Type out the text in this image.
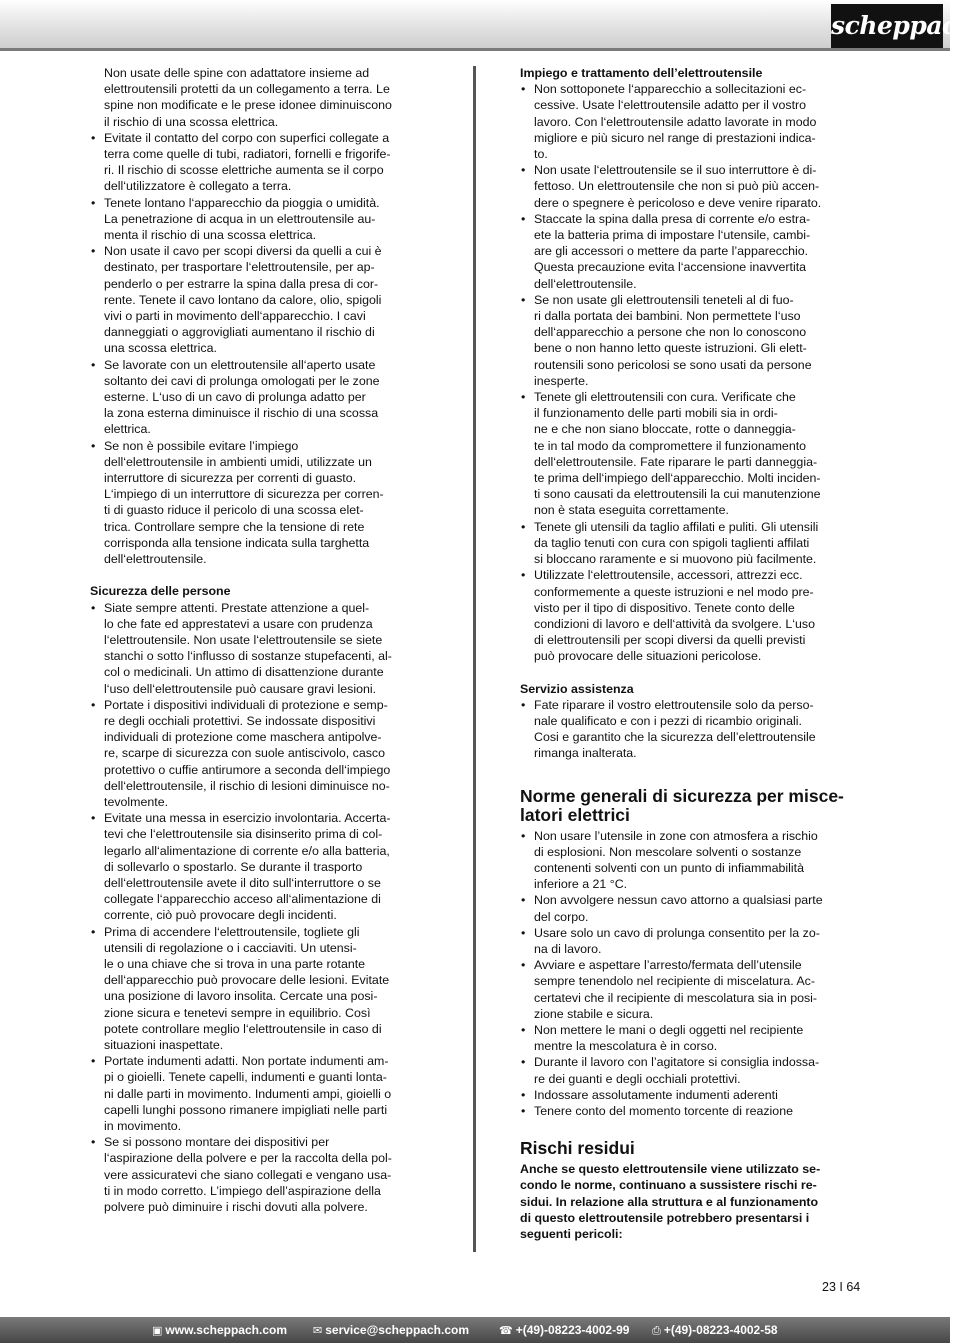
scheppach
Non usate delle spine con adattatore insieme ad
elettroutensili protetti da un collegamento a terra. Le
spine non modificate e le prese idonee diminuiscono
il rischio di una scossa elettrica.
• Evitate il contatto del corpo con superfici collegate a
terra come quelle di tubi, radiatori, fornelli e frigorife-
ri. Il rischio di scosse elettriche aumenta se il corpo
dell‘utilizzatore è collegato a terra.
• Tenete lontano l‘apparecchio da pioggia o umidità.
La penetrazione di acqua in un elettroutensile au-
menta il rischio di una scossa elettrica.
• Non usate il cavo per scopi diversi da quelli a cui è
destinato, per trasportare l‘elettroutensile, per ap-
penderlo o per estrarre la spina dalla presa di cor-
rente. Tenete il cavo lontano da calore, olio, spigoli
vivi o parti in movimento dell‘apparecchio. I cavi
danneggiati o aggrovigliati aumentano il rischio di
una scossa elettrica.
• Se lavorate con un elettroutensile all‘aperto usate
soltanto dei cavi di prolunga omologati per le zone
esterne. L‘uso di un cavo di prolunga adatto per
la zona esterna diminuisce il rischio di una scossa
elettrica.
• Se non è possibile evitare l’impiego
dell‘elettroutensile in ambienti umidi, utilizzate un
interruttore di sicurezza per correnti di guasto.
L‘impiego di un interruttore di sicurezza per corren-
ti di guasto riduce il pericolo di una scossa elet-
trica. Controllare sempre che la tensione di rete
corrisponda alla tensione indicata sulla targhetta
dell‘elettroutensile.
Sicurezza delle persone
• Siate sempre attenti. Prestate attenzione a quel-
lo che fate ed apprestatevi a usare con prudenza
l‘elettroutensile. Non usate l‘elettroutensile se siete
stanchi o sotto l‘influsso di sostanze stupefacenti, al-
col o medicinali. Un attimo di disattenzione durante
l‘uso dell‘elettroutensile può causare gravi lesioni.
• Portate i dispositivi individuali di protezione e semp-
re degli occhiali protettivi. Se indossate dispositivi
individuali di protezione come maschera antipolve-
re, scarpe di sicurezza con suole antiscivolo, casco
protettivo o cuffie antirumore a seconda dell‘impiego
dell‘elettroutensile, il rischio di lesioni diminuisce no-
tevolmente.
• Evitate una messa in esercizio involontaria. Accerta-
tevi che l‘elettroutensile sia disinserito prima di col-
legarlo all‘alimentazione di corrente e/o alla batteria,
di sollevarlo o spostarlo. Se durante il trasporto
dell‘elettroutensile avete il dito sull‘interruttore o se
collegate l‘apparecchio acceso all‘alimentazione di
corrente, ciò può provocare degli incidenti.
• Prima di accendere l‘elettroutensile, togliete gli
utensili di regolazione o i cacciaviti. Un utensi-
le o una chiave che si trova in una parte rotante
dell‘apparecchio può provocare delle lesioni. Evitate
una posizione di lavoro insolita. Cercate una posi-
zione sicura e tenetevi sempre in equilibrio. Così
potete controllare meglio l‘elettroutensile in caso di
situazioni inaspettate.
• Portate indumenti adatti. Non portate indumenti am-
pi o gioielli. Tenete capelli, indumenti e guanti lonta-
ni dalle parti in movimento. Indumenti ampi, gioielli o
capelli lunghi possono rimanere impigliati nelle parti
in movimento.
• Se si possono montare dei dispositivi per
l‘aspirazione della polvere e per la raccolta della pol-
vere assicuratevi che siano collegati e vengano usa-
ti in modo corretto. L’impiego dell’aspirazione della
polvere può diminuire i rischi dovuti alla polvere.
Impiego e trattamento dell’elettroutensile
• Non sottoponete l‘apparecchio a sollecitazioni ec-
cessive. Usate l‘elettroutensile adatto per il vostro
lavoro. Con l‘elettroutensile adatto lavorate in modo
migliore e più sicuro nel range di prestazioni indica-
to.
• Non usate l‘elettroutensile se il suo interruttore è di-
fettoso. Un elettroutensile che non si può più accen-
dere o spegnere è pericoloso e deve venire riparato.
• Staccate la spina dalla presa di corrente e/o estra-
ete la batteria prima di impostare l‘utensile, cambi-
are gli accessori o mettere da parte l’apparecchio.
Questa precauzione evita l‘accensione inavvertita
dell‘elettroutensile.
• Se non usate gli elettroutensili teneteli al di fuo-
ri dalla portata dei bambini. Non permettete l‘uso
dell‘apparecchio a persone che non lo conoscono
bene o non hanno letto queste istruzioni. Gli elett-
routensili sono pericolosi se sono usati da persone
inesperte.
• Tenete gli elettroutensili con cura. Verificate che
il funzionamento delle parti mobili sia in ordi-
ne e che non siano bloccate, rotte o danneggia-
te in tal modo da compromettere il funzionamento
dell‘elettroutensile. Fate riparare le parti danneggia-
te prima dell‘impiego dell‘apparecchio. Molti inciden-
ti sono causati da elettroutensili la cui manutenzione
non è stata eseguita correttamente.
• Tenete gli utensili da taglio affilati e puliti. Gli utensili
da taglio tenuti con cura con spigoli taglienti affilati
si bloccano raramente e si muovono più facilmente.
• Utilizzate l‘elettroutensile, accessori, attrezzi ecc.
conformemente a queste istruzioni e nel modo pre-
visto per il tipo di dispositivo. Tenete conto delle
condizioni di lavoro e dell‘attività da svolgere. L‘uso
di elettroutensili per scopi diversi da quelli previsti
può provocare delle situazioni pericolose.
Servizio assistenza
• Fate riparare il vostro elettroutensile solo da perso-
nale qualificato e con i pezzi di ricambio originali.
Cosi e garantito che la sicurezza dell’elettroutensile
rimanga inalterata.
Norme generali di sicurezza per misce-
latori elettrici
• Non usare l’utensile in zone con atmosfera a rischio
di esplosioni. Non mescolare solventi o sostanze
contenenti solventi con un punto di infiammabilità
inferiore a 21 °C.
• Non avvolgere nessun cavo attorno a qualsiasi parte
del corpo.
• Usare solo un cavo di prolunga consentito per la zo-
na di lavoro.
• Avviare e aspettare l’arresto/fermata dell’utensile
sempre tenendolo nel recipiente di miscelatura. Ac-
certatevi che il recipiente di mescolatura sia in posi-
zione stabile e sicura.
• Non mettere le mani o degli oggetti nel recipiente
mentre la mescolatura è in corso.
• Durante il lavoro con l’agitatore si consiglia indossa-
re dei guanti e degli occhiali protettivi.
• Indossare assolutamente indumenti aderenti
• Tenere conto del momento torcente di reazione
Rischi residui
Anche se questo elettroutensile viene utilizzato se-
condo le norme, continuano a sussistere rischi re-
sidui. In relazione alla struttura e al funzionamento
di questo elettroutensile potrebbero presentarsi i
seguenti pericoli:
23 I 64
▣ www.scheppach.com ✉ service@scheppach.com	☎ +(49)-08223-4002-99 ⎙ +(49)-08223-4002-58
